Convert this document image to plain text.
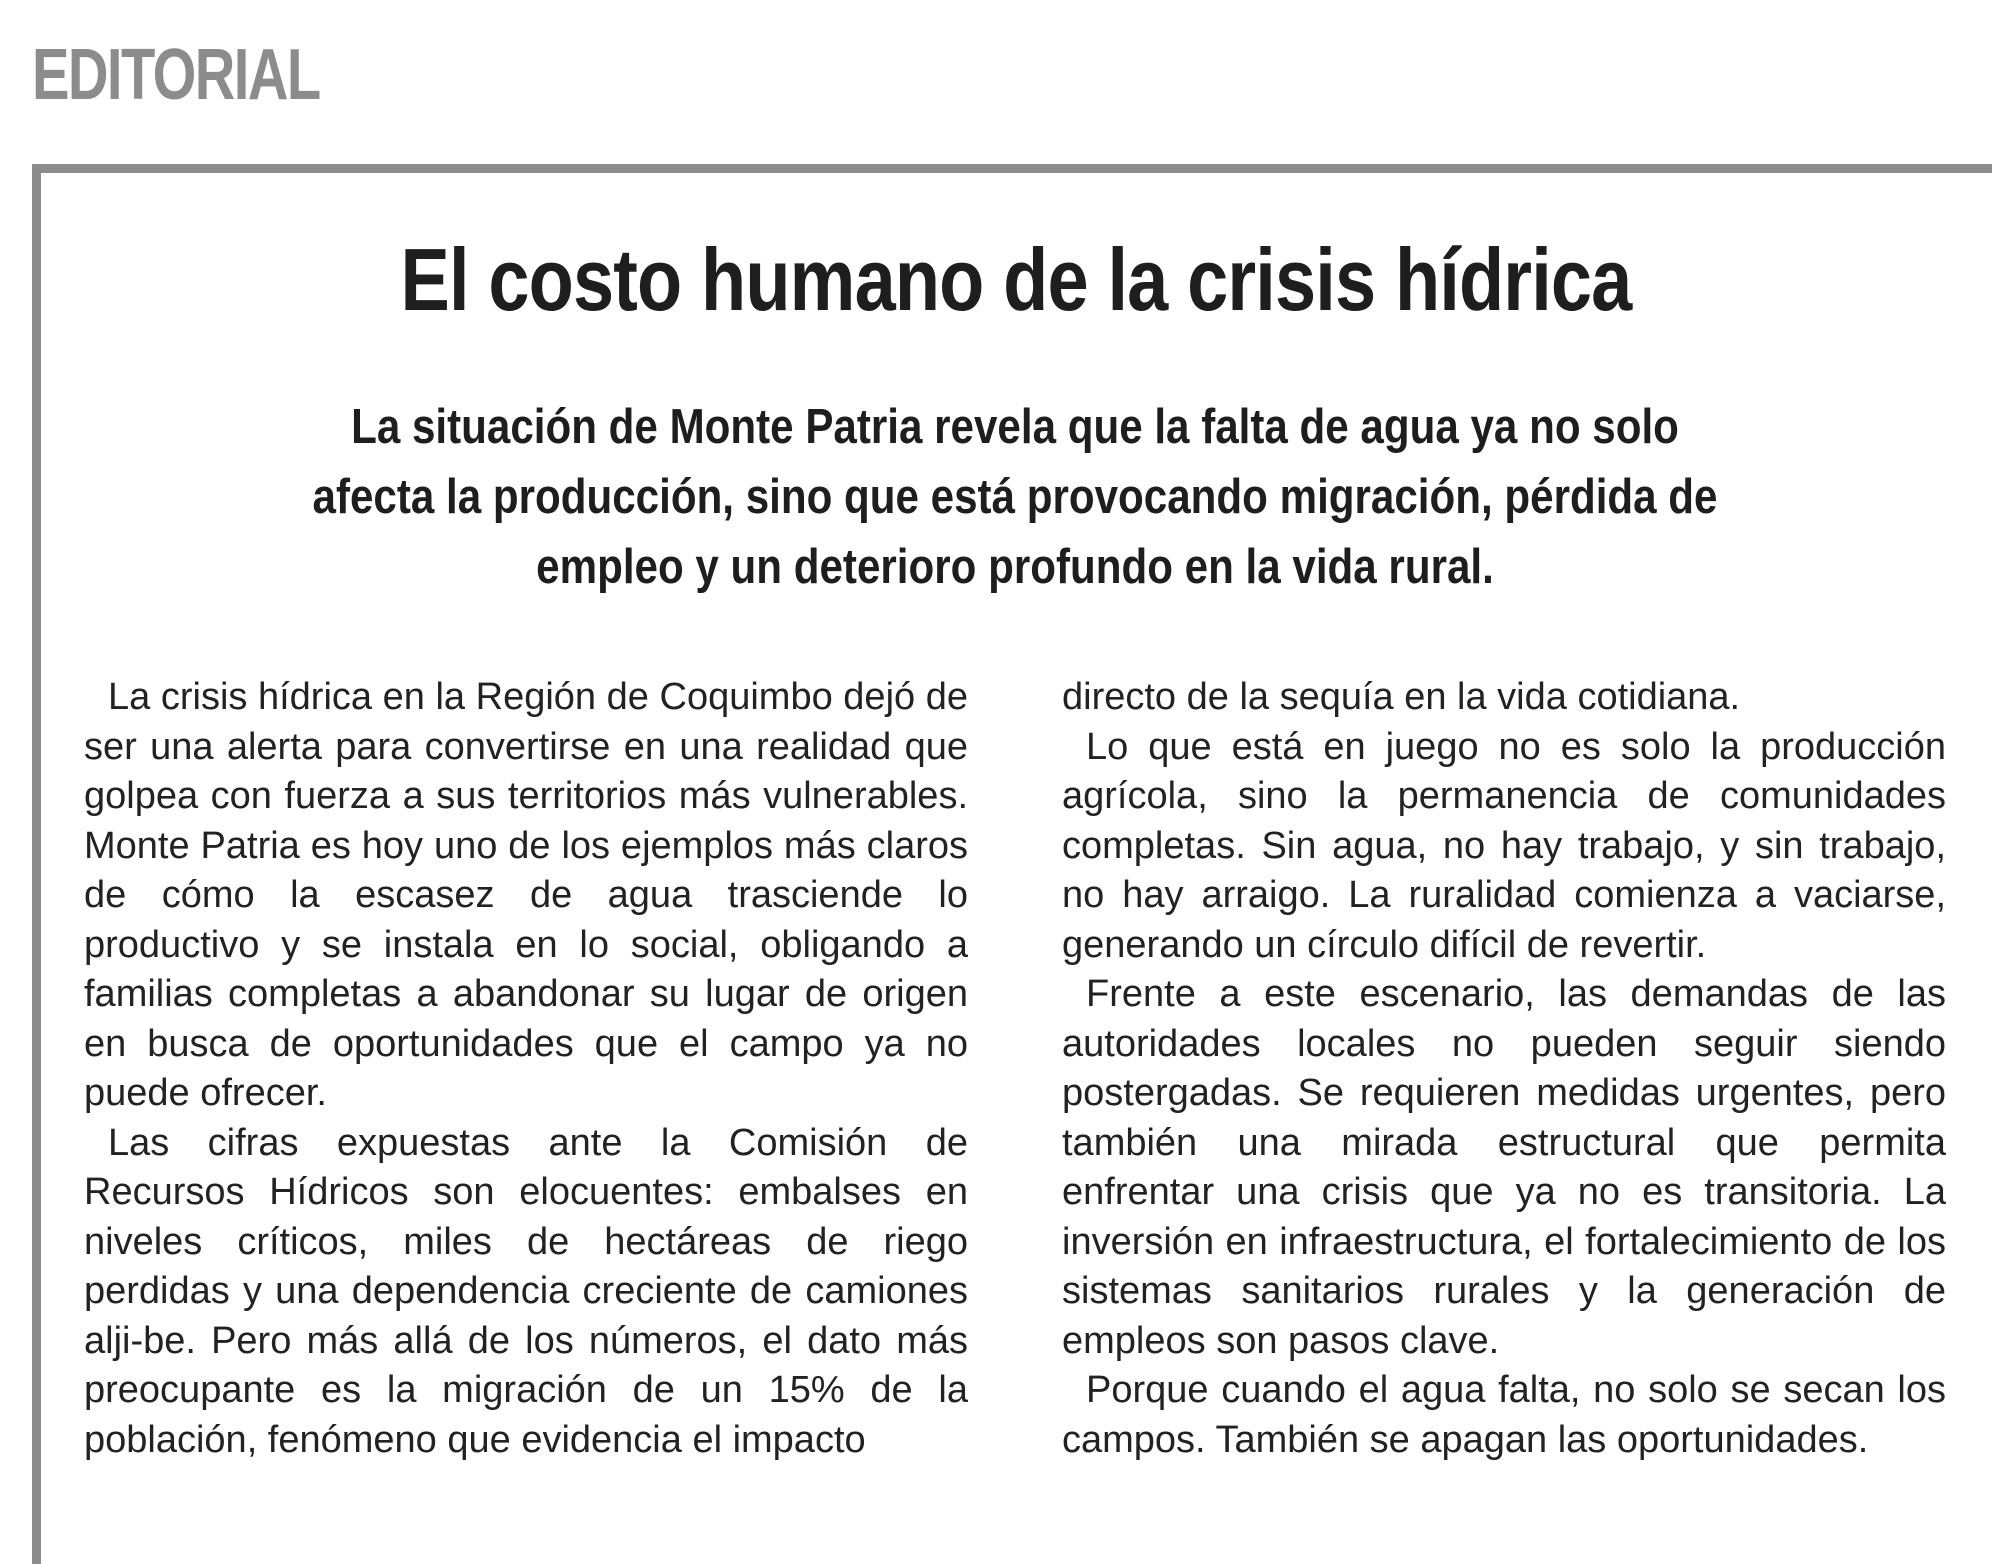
EDITORIAL
El costo humano de la crisis hídrica

La situación de Monte Patria revela que la falta de agua ya no solo afecta la producción, sino que está provocando migración, pérdida de empleo y un deterioro profundo en la vida rural.

La crisis hídrica en la Región de Coquimbo dejó de ser una alerta para convertirse en una realidad que golpea con fuerza a sus territorios más vulnerables. Monte Patria es hoy uno de los ejemplos más claros de cómo la escasez de agua trasciende lo productivo y se instala en lo social, obligando a familias completas a abandonar su lugar de origen en busca de oportunidades que el campo ya no puede ofrecer.

Las cifras expuestas ante la Comisión de Recursos Hídricos son elocuentes: embalses en niveles críticos, miles de hectáreas de riego perdidas y una dependencia creciente de camiones alji-be. Pero más allá de los números, el dato más preocupante es la migración de un 15% de la población, fenómeno que evidencia el impacto

directo de la sequía en la vida cotidiana.

Lo que está en juego no es solo la producción agrícola, sino la permanencia de comunidades completas. Sin agua, no hay trabajo, y sin trabajo, no hay arraigo. La ruralidad comienza a vaciarse, generando un círculo difícil de revertir.

Frente a este escenario, las demandas de las autoridades locales no pueden seguir siendo postergadas. Se requieren medidas urgentes, pero también una mirada estructural que permita enfrentar una crisis que ya no es transitoria. La inversión en infraestructura, el fortalecimiento de los sistemas sanitarios rurales y la generación de empleos son pasos clave.

Porque cuando el agua falta, no solo se secan los campos. También se apagan las oportunidades.
